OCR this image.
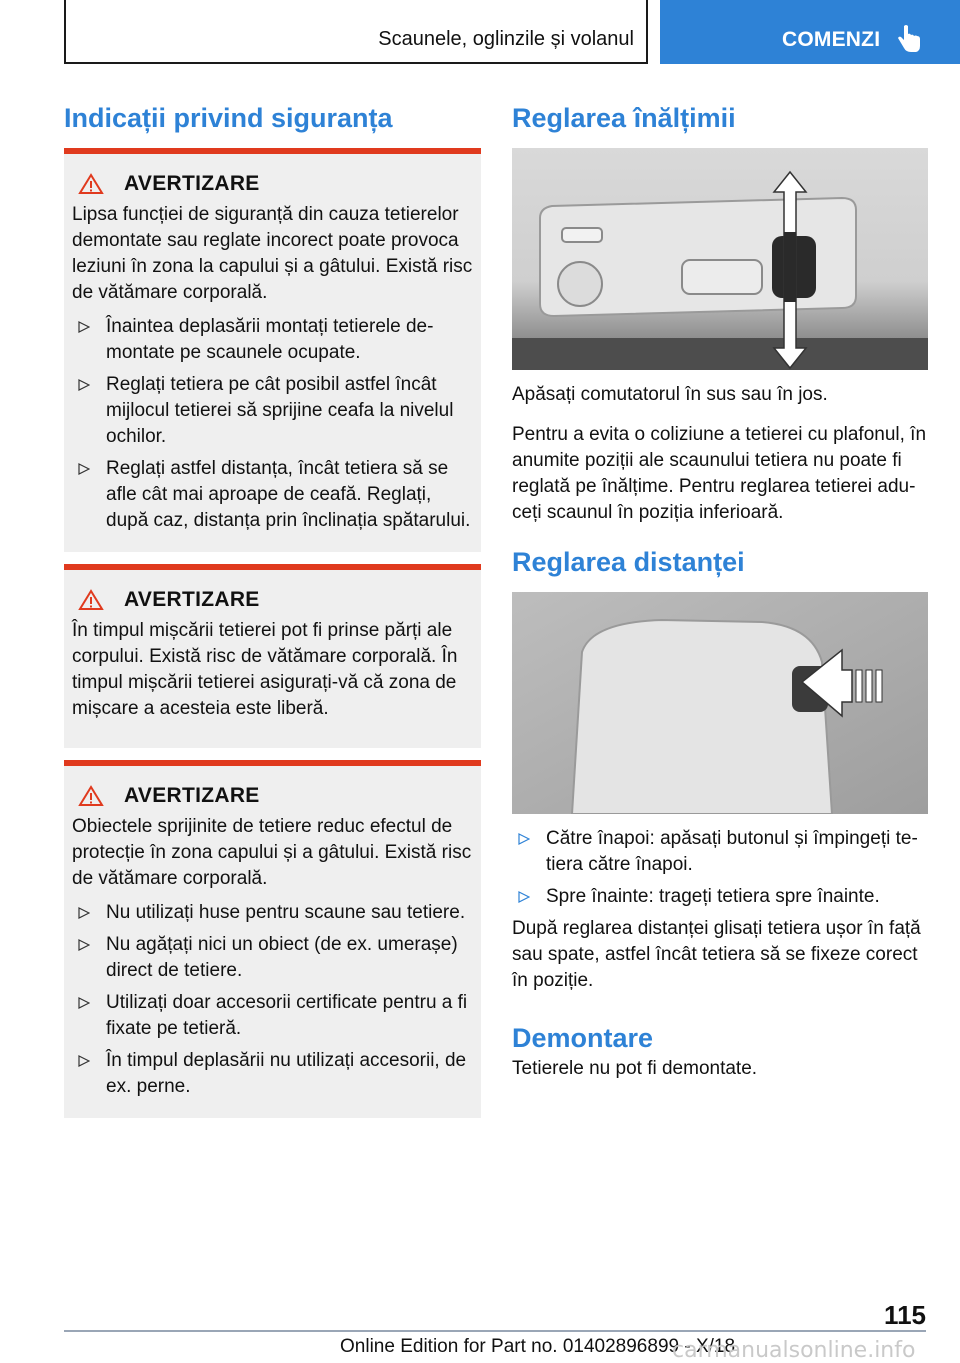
Scaunele, oglinzile și volanul	COMENZI
Indicații privind siguranța
AVERTIZARE

Lipsa funcției de siguranță din cauza tetierelor demontate sau reglate incorect poate provoca leziuni în zona la capului și a gâtului. Există risc de vătămare corporală.

Înaintea deplasării montați tetierele de-montate pe scaunele ocupate.
Reglați tetiera pe cât posibil astfel încât mijlocul tetierei să sprijine ceafa la nivelul ochilor.
Reglați astfel distanța, încât tetiera să se afle cât mai aproape de ceafă. Reglați, după caz, distanța prin înclinația spătarului.
AVERTIZARE

În timpul mișcării tetierei pot fi prinse părți ale corpului. Există risc de vătămare corporală. În timpul mișcării tetierei asigurați-vă că zona de mișcare a acesteia este liberă.

AVERTIZARE

Obiectele sprijinite de tetiere reduc efectul de protecție în zona capului și a gâtului. Există risc de vătămare corporală.

Nu utilizați huse pentru scaune sau tetiere.
Nu agățați nici un obiect (de ex. umerașe) direct de tetiere.
Utilizați doar accesorii certificate pentru a fi fixate pe tetieră.
În timpul deplasării nu utilizați accesorii, de ex. perne.
Reglarea înălțimii

Apăsați comutatorul în sus sau în jos.

Pentru a evita o coliziune a tetierei cu plafonul, în anumite poziții ale scaunului tetiera nu poate fi reglată pe înălțime. Pentru reglarea tetierei adu-ceți scaunul în poziția inferioară.

Reglarea distanței
Către înapoi: apăsați butonul și împingeți te-tiera către înapoi.
Spre înainte: trageți tetiera spre înainte.

După reglarea distanței glisați tetiera ușor în față sau spate, astfel încât tetiera să se fixeze corect în poziție.

Demontare

Tetierele nu pot fi demontate.

115
Online Edition for Part no. 01402896899 - X/18
carmanualsonline.info
